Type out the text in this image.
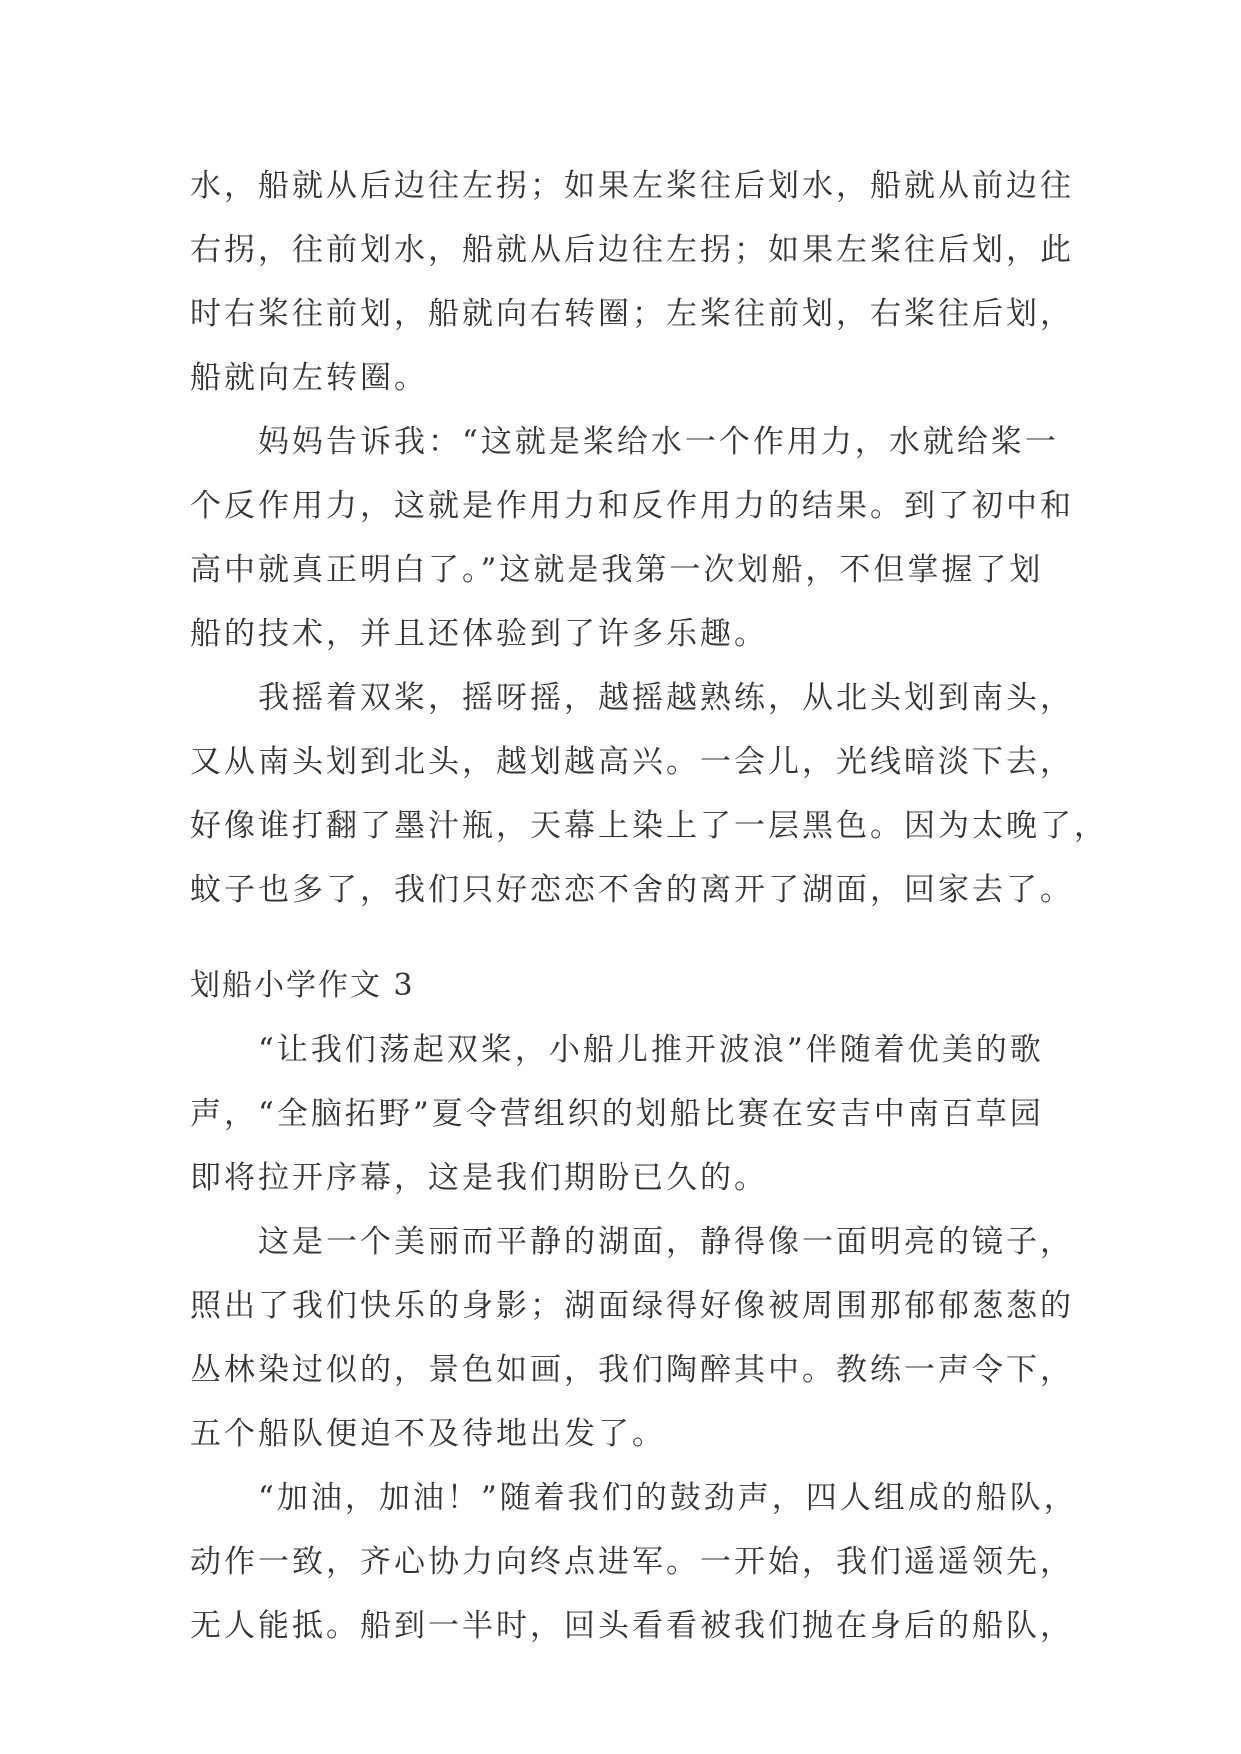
水，船就从后边往左拐；如果左桨往后划水，船就从前边往
右拐，往前划水，船就从后边往左拐；如果左桨往后划，此
时右桨往前划，船就向右转圈；左桨往前划，右桨往后划，
船就向左转圈。
妈妈告诉我：“这就是桨给水一个作用力，水就给桨一
个反作用力，这就是作用力和反作用力的结果。到了初中和
高中就真正明白了。”这就是我第一次划船，不但掌握了划
船的技术，并且还体验到了许多乐趣。
我摇着双桨，摇呀摇，越摇越熟练，从北头划到南头，
又从南头划到北头，越划越高兴。一会儿，光线暗淡下去，
好像谁打翻了墨汁瓶，天幕上染上了一层黑色。因为太晚了，
蚊子也多了，我们只好恋恋不舍的离开了湖面，回家去了。
划船小学作文 3
“让我们荡起双桨，小船儿推开波浪”伴随着优美的歌
声，“全脑拓野”夏令营组织的划船比赛在安吉中南百草园
即将拉开序幕，这是我们期盼已久的。
这是一个美丽而平静的湖面，静得像一面明亮的镜子，
照出了我们快乐的身影；湖面绿得好像被周围那郁郁葱葱的
丛林染过似的，景色如画，我们陶醉其中。教练一声令下，
五个船队便迫不及待地出发了。
“加油，加油！”随着我们的鼓劲声，四人组成的船队，
动作一致，齐心协力向终点进军。一开始，我们遥遥领先，
无人能抵。船到一半时，回头看看被我们抛在身后的船队，
